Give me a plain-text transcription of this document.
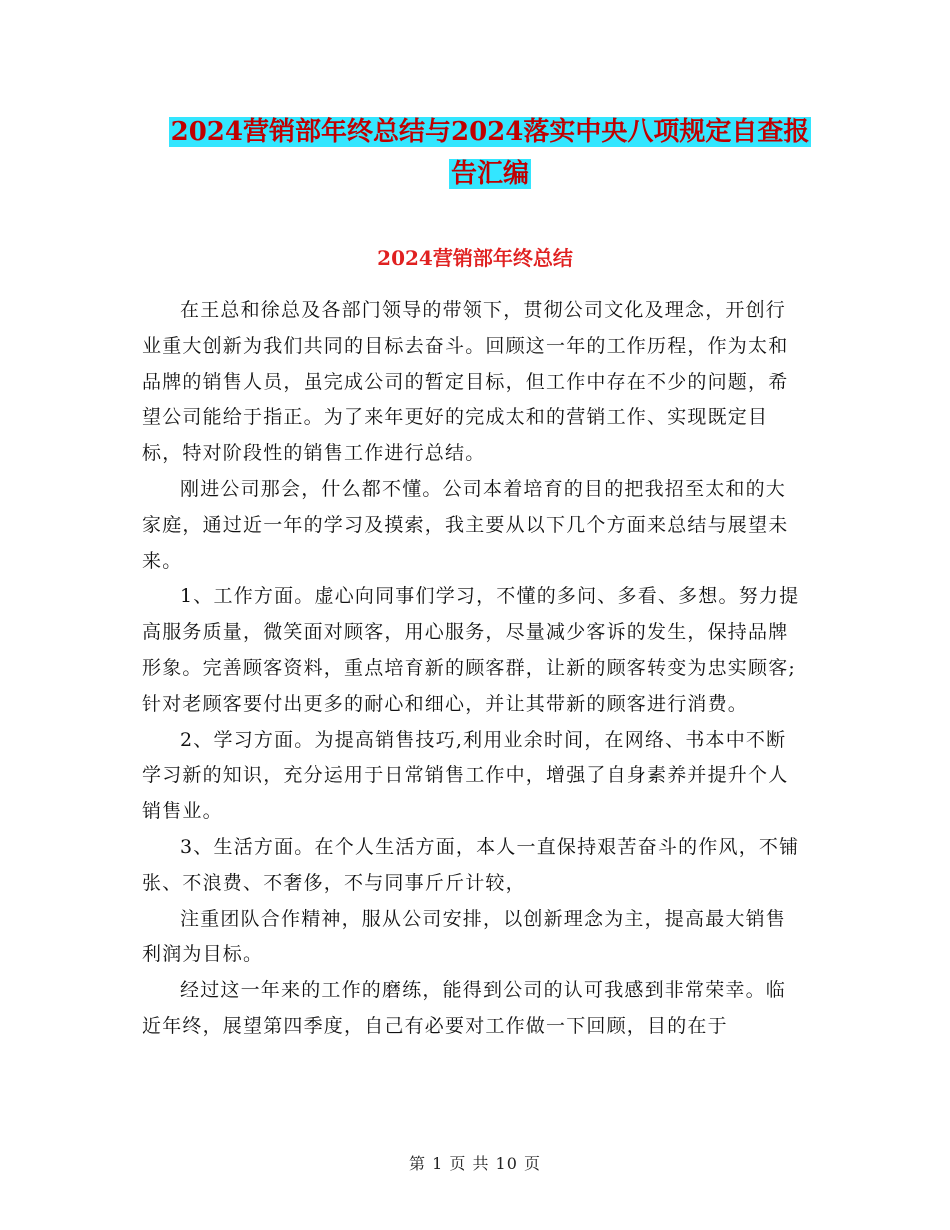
2024营销部年终总结与2024落实中央八项规定自查报
告汇编
2024营销部年终总结

在王总和徐总及各部门领导的带领下，贯彻公司文化及理念，开创行业重大创新为我们共同的目标去奋斗。回顾这一年的工作历程，作为太和品牌的销售人员，虽完成公司的暂定目标，但工作中存在不少的问题，希望公司能给于指正。为了来年更好的完成太和的营销工作、实现既定目标，特对阶段性的销售工作进行总结。

刚进公司那会，什么都不懂。公司本着培育的目的把我招至太和的大家庭，通过近一年的学习及摸索，我主要从以下几个方面来总结与展望未来。

1、工作方面。虚心向同事们学习，不懂的多问、多看、多想。努力提高服务质量，微笑面对顾客，用心服务，尽量减少客诉的发生，保持品牌形象。完善顾客资料，重点培育新的顾客群，让新的顾客转变为忠实顾客;针对老顾客要付出更多的耐心和细心，并让其带新的顾客进行消费。

2、学习方面。为提高销售技巧,利用业余时间，在网络、书本中不断学习新的知识，充分运用于日常销售工作中，增强了自身素养并提升个人销售业。

3、生活方面。在个人生活方面，本人一直保持艰苦奋斗的作风，不铺张、不浪费、不奢侈，不与同事斤斤计较，

注重团队合作精神，服从公司安排，以创新理念为主，提高最大销售利润为目标。

经过这一年来的工作的磨练，能得到公司的认可我感到非常荣幸。临近年终，展望第四季度，自己有必要对工作做一下回顾，目的在于

第 1 页 共 10 页
